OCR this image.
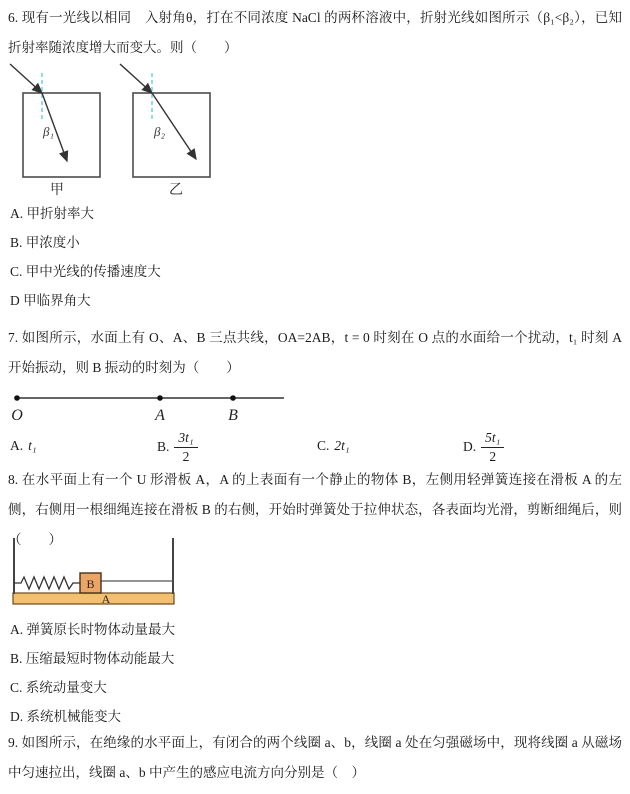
6. 现有一光线以相同　入射角θ，打在不同浓度 NaCl 的两杯溶液中，折射光线如图所示（β₁<β₂），已知折射率随浓度增大而变大。则（　　）

β₁
甲
β₂
乙
A. 甲折射率大
B. 甲浓度小
C. 甲中光线的传播速度大
D 甲临界角大

7. 如图所示，水面上有 O、A、B 三点共线，OA=2AB，t = 0 时刻在 O 点的水面给一个扰动，t₁ 时刻 A 开始振动，则 B 振动的时刻为（　　）

O	A	B
A. t₁	B. $\frac{\text{3t₁}}{2}$	C. 2t₁	D. $\frac{\text{5t₁}}{2}$

8. 在水平面上有一个 U 形滑板 A，A 的上表面有一个静止的物体 B，左侧用轻弹簧连接在滑板 A 的左侧，右侧用一根细绳连接在滑板 B 的右侧，开始时弹簧处于拉伸状态，各表面均光滑，剪断细绳后，则（　　）

B
A
A. 弹簧原长时物体动量最大
B. 压缩最短时物体动能最大
C. 系统动量变大
D. 系统机械能变大

9. 如图所示，在绝缘的水平面上，有闭合的两个线圈 a、b，线圈 a 处在匀强磁场中，现将线圈 a 从磁场中匀速拉出，线圈 a、b 中产生的感应电流方向分别是（　）
